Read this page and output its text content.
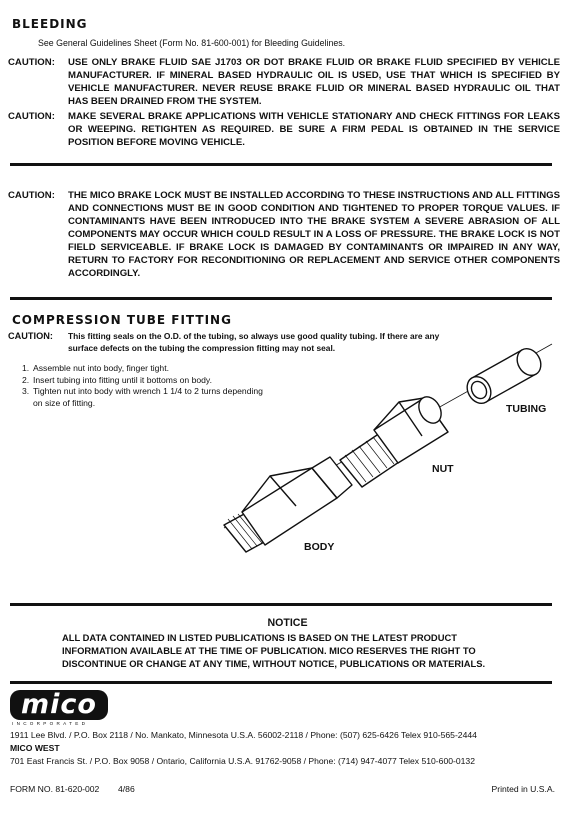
BLEEDING
See General Guidelines Sheet (Form No. 81-600-001) for Bleeding Guidelines.
CAUTION:	USE ONLY BRAKE FLUID SAE J1703 OR DOT BRAKE FLUID OR BRAKE FLUID SPECIFIED BY VEHICLE MANUFACTURER. IF MINERAL BASED HYDRAULIC OIL IS USED, USE THAT WHICH IS SPECIFIED BY VEHICLE MANUFACTURER. NEVER REUSE BRAKE FLUID OR MINERAL BASED HYDRAULIC OIL THAT HAS BEEN DRAINED FROM THE SYSTEM.
CAUTION:	MAKE SEVERAL BRAKE APPLICATIONS WITH VEHICLE STATIONARY AND CHECK FITTINGS FOR LEAKS OR WEEPING. RETIGHTEN AS REQUIRED. BE SURE A FIRM PEDAL IS OBTAINED IN THE SERVICE POSITION BEFORE MOVING VEHICLE.
CAUTION:	THE MICO BRAKE LOCK MUST BE INSTALLED ACCORDING TO THESE INSTRUCTIONS AND ALL FITTINGS AND CONNECTIONS MUST BE IN GOOD CONDITION AND TIGHTENED TO PROPER TORQUE VALUES. IF CONTAMINANTS HAVE BEEN INTRODUCED INTO THE BRAKE SYSTEM A SEVERE ABRASION OF ALL COMPONENTS MAY OCCUR WHICH COULD RESULT IN A LOSS OF PRESSURE. THE BRAKE LOCK IS NOT FIELD SERVICEABLE. IF BRAKE LOCK IS DAMAGED BY CONTAMINANTS OR IMPAIRED IN ANY WAY, RETURN TO FACTORY FOR RECONDITIONING OR REPLACEMENT AND SERVICE OTHER COMPONENTS ACCORDINGLY.
COMPRESSION TUBE FITTING
CAUTION:	This fitting seals on the O.D. of the tubing, so always use good quality tubing. If there are any surface defects on the tubing the compression fitting may not seal.
1. Assemble nut into body, finger tight.
2. Insert tubing into fitting until it bottoms on body.
3. Tighten nut into body with wrench 1 1/4 to 2 turns depending on size of fitting.
TUBING
NUT
BODY
NOTICE
ALL DATA CONTAINED IN LISTED PUBLICATIONS IS BASED ON THE LATEST PRODUCT INFORMATION AVAILABLE AT THE TIME OF PUBLICATION. MICO RESERVES THE RIGHT TO DISCONTINUE OR CHANGE AT ANY TIME, WITHOUT NOTICE, PUBLICATIONS OR MATERIALS.
mico
INCORPORATED
1911 Lee Blvd. / P.O. Box 2118 / No. Mankato, Minnesota U.S.A. 56002-2118 / Phone: (507) 625-6426 Telex 910-565-2444
MICO WEST
701 East Francis St. / P.O. Box 9058 / Ontario, California U.S.A. 91762-9058 / Phone: (714) 947-4077 Telex 510-600-0132
FORM NO. 81-620-002 4/86	Printed in U.S.A.
